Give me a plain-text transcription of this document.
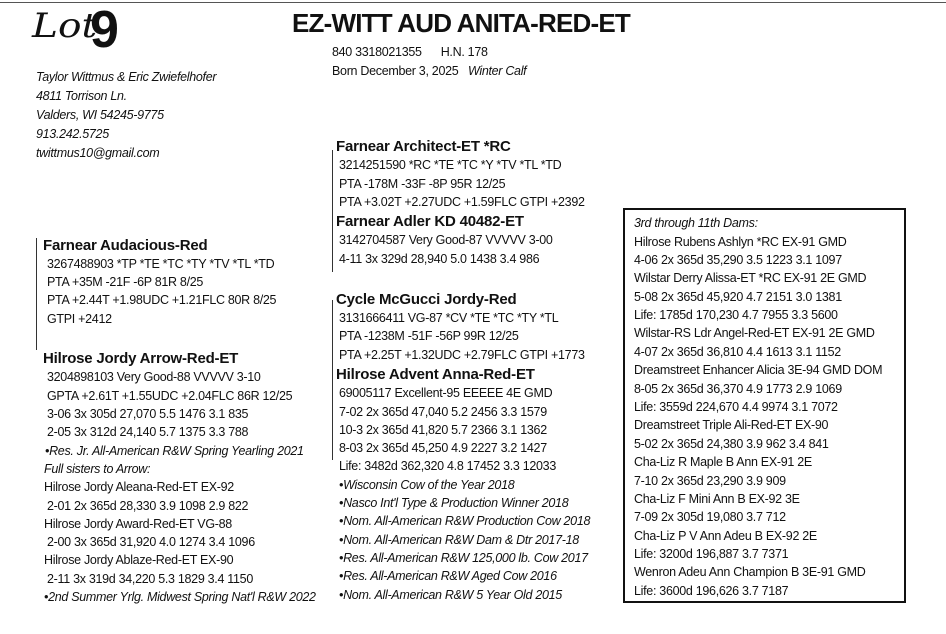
Lot
9	EZ-WITT AUD ANITA-RED-ET
840 3318021355 H.N. 178
Born December 3, 2025 Winter Calf
Taylor Wittmus & Eric Zwiefelhofer
4811 Torrison Ln.
Valders, WI 54245-9775
913.242.5725
twittmus10@gmail.com
Farnear Audacious-Red
3267488903 *TP *TE *TC *TY *TV *TL *TD
PTA +35M -21F -6P 81R 8/25
PTA +2.44T +1.98UDC +1.21FLC 80R 8/25
GTPI +2412
Hilrose Jordy Arrow-Red-ET
3204898103 Very Good-88 VVVVV 3-10
GPTA +2.61T +1.55UDC +2.04FLC 86R 12/25
3-06 3x 305d 27,070 5.5 1476 3.1 835
2-05 3x 312d 24,140 5.7 1375 3.3 788
•Res. Jr. All-American R&W Spring Yearling 2021
Full sisters to Arrow:
Hilrose Jordy Aleana-Red-ET EX-92
2-01 2x 365d 28,330 3.9 1098 2.9 822
Hilrose Jordy Award-Red-ET VG-88
2-00 3x 365d 31,920 4.0 1274 3.4 1096
Hilrose Jordy Ablaze-Red-ET EX-90
2-11 3x 319d 34,220 5.3 1829 3.4 1150
•2nd Summer Yrlg. Midwest Spring Nat'l R&W 2022
Farnear Architect-ET *RC
3214251590 *RC *TE *TC *Y *TV *TL *TD
PTA -178M -33F -8P 95R 12/25
PTA +3.02T +2.27UDC +1.59FLC GTPI +2392
Farnear Adler KD 40482-ET
3142704587 Very Good-87 VVVVV 3-00
4-11 3x 329d 28,940 5.0 1438 3.4 986
Cycle McGucci Jordy-Red
3131666411 VG-87 *CV *TE *TC *TY *TL
PTA -1238M -51F -56P 99R 12/25
PTA +2.25T +1.32UDC +2.79FLC GTPI +1773
Hilrose Advent Anna-Red-ET
69005117 Excellent-95 EEEEE 4E GMD
7-02 2x 365d 47,040 5.2 2456 3.3 1579
10-3 2x 365d 41,820 5.7 2366 3.1 1362
8-03 2x 365d 45,250 4.9 2227 3.2 1427
Life: 3482d 362,320 4.8 17452 3.3 12033
•Wisconsin Cow of the Year 2018
•Nasco Int'l Type & Production Winner 2018
•Nom. All-American R&W Production Cow 2018
•Nom. All-American R&W Dam & Dtr 2017-18
•Res. All-American R&W 125,000 lb. Cow 2017
•Res. All-American R&W Aged Cow 2016
•Nom. All-American R&W 5 Year Old 2015
3rd through 11th Dams:
Hilrose Rubens Ashlyn *RC EX-91 GMD
4-06 2x 365d 35,290 3.5 1223 3.1 1097
Wilstar Derry Alissa-ET *RC EX-91 2E GMD
5-08 2x 365d 45,920 4.7 2151 3.0 1381
Life: 1785d 170,230 4.7 7955 3.3 5600
Wilstar-RS Ldr Angel-Red-ET EX-91 2E GMD
4-07 2x 365d 36,810 4.4 1613 3.1 1152
Dreamstreet Enhancer Alicia 3E-94 GMD DOM
8-05 2x 365d 36,370 4.9 1773 2.9 1069
Life: 3559d 224,670 4.4 9974 3.1 7072
Dreamstreet Triple Ali-Red-ET EX-90
5-02 2x 365d 24,380 3.9 962 3.4 841
Cha-Liz R Maple B Ann EX-91 2E
7-10 2x 365d 23,290 3.9 909
Cha-Liz F Mini Ann B EX-92 3E
7-09 2x 305d 19,080 3.7 712
Cha-Liz P V Ann Adeu B EX-92 2E
Life: 3200d 196,887 3.7 7371
Wenron Adeu Ann Champion B 3E-91 GMD
Life: 3600d 196,626 3.7 7187
